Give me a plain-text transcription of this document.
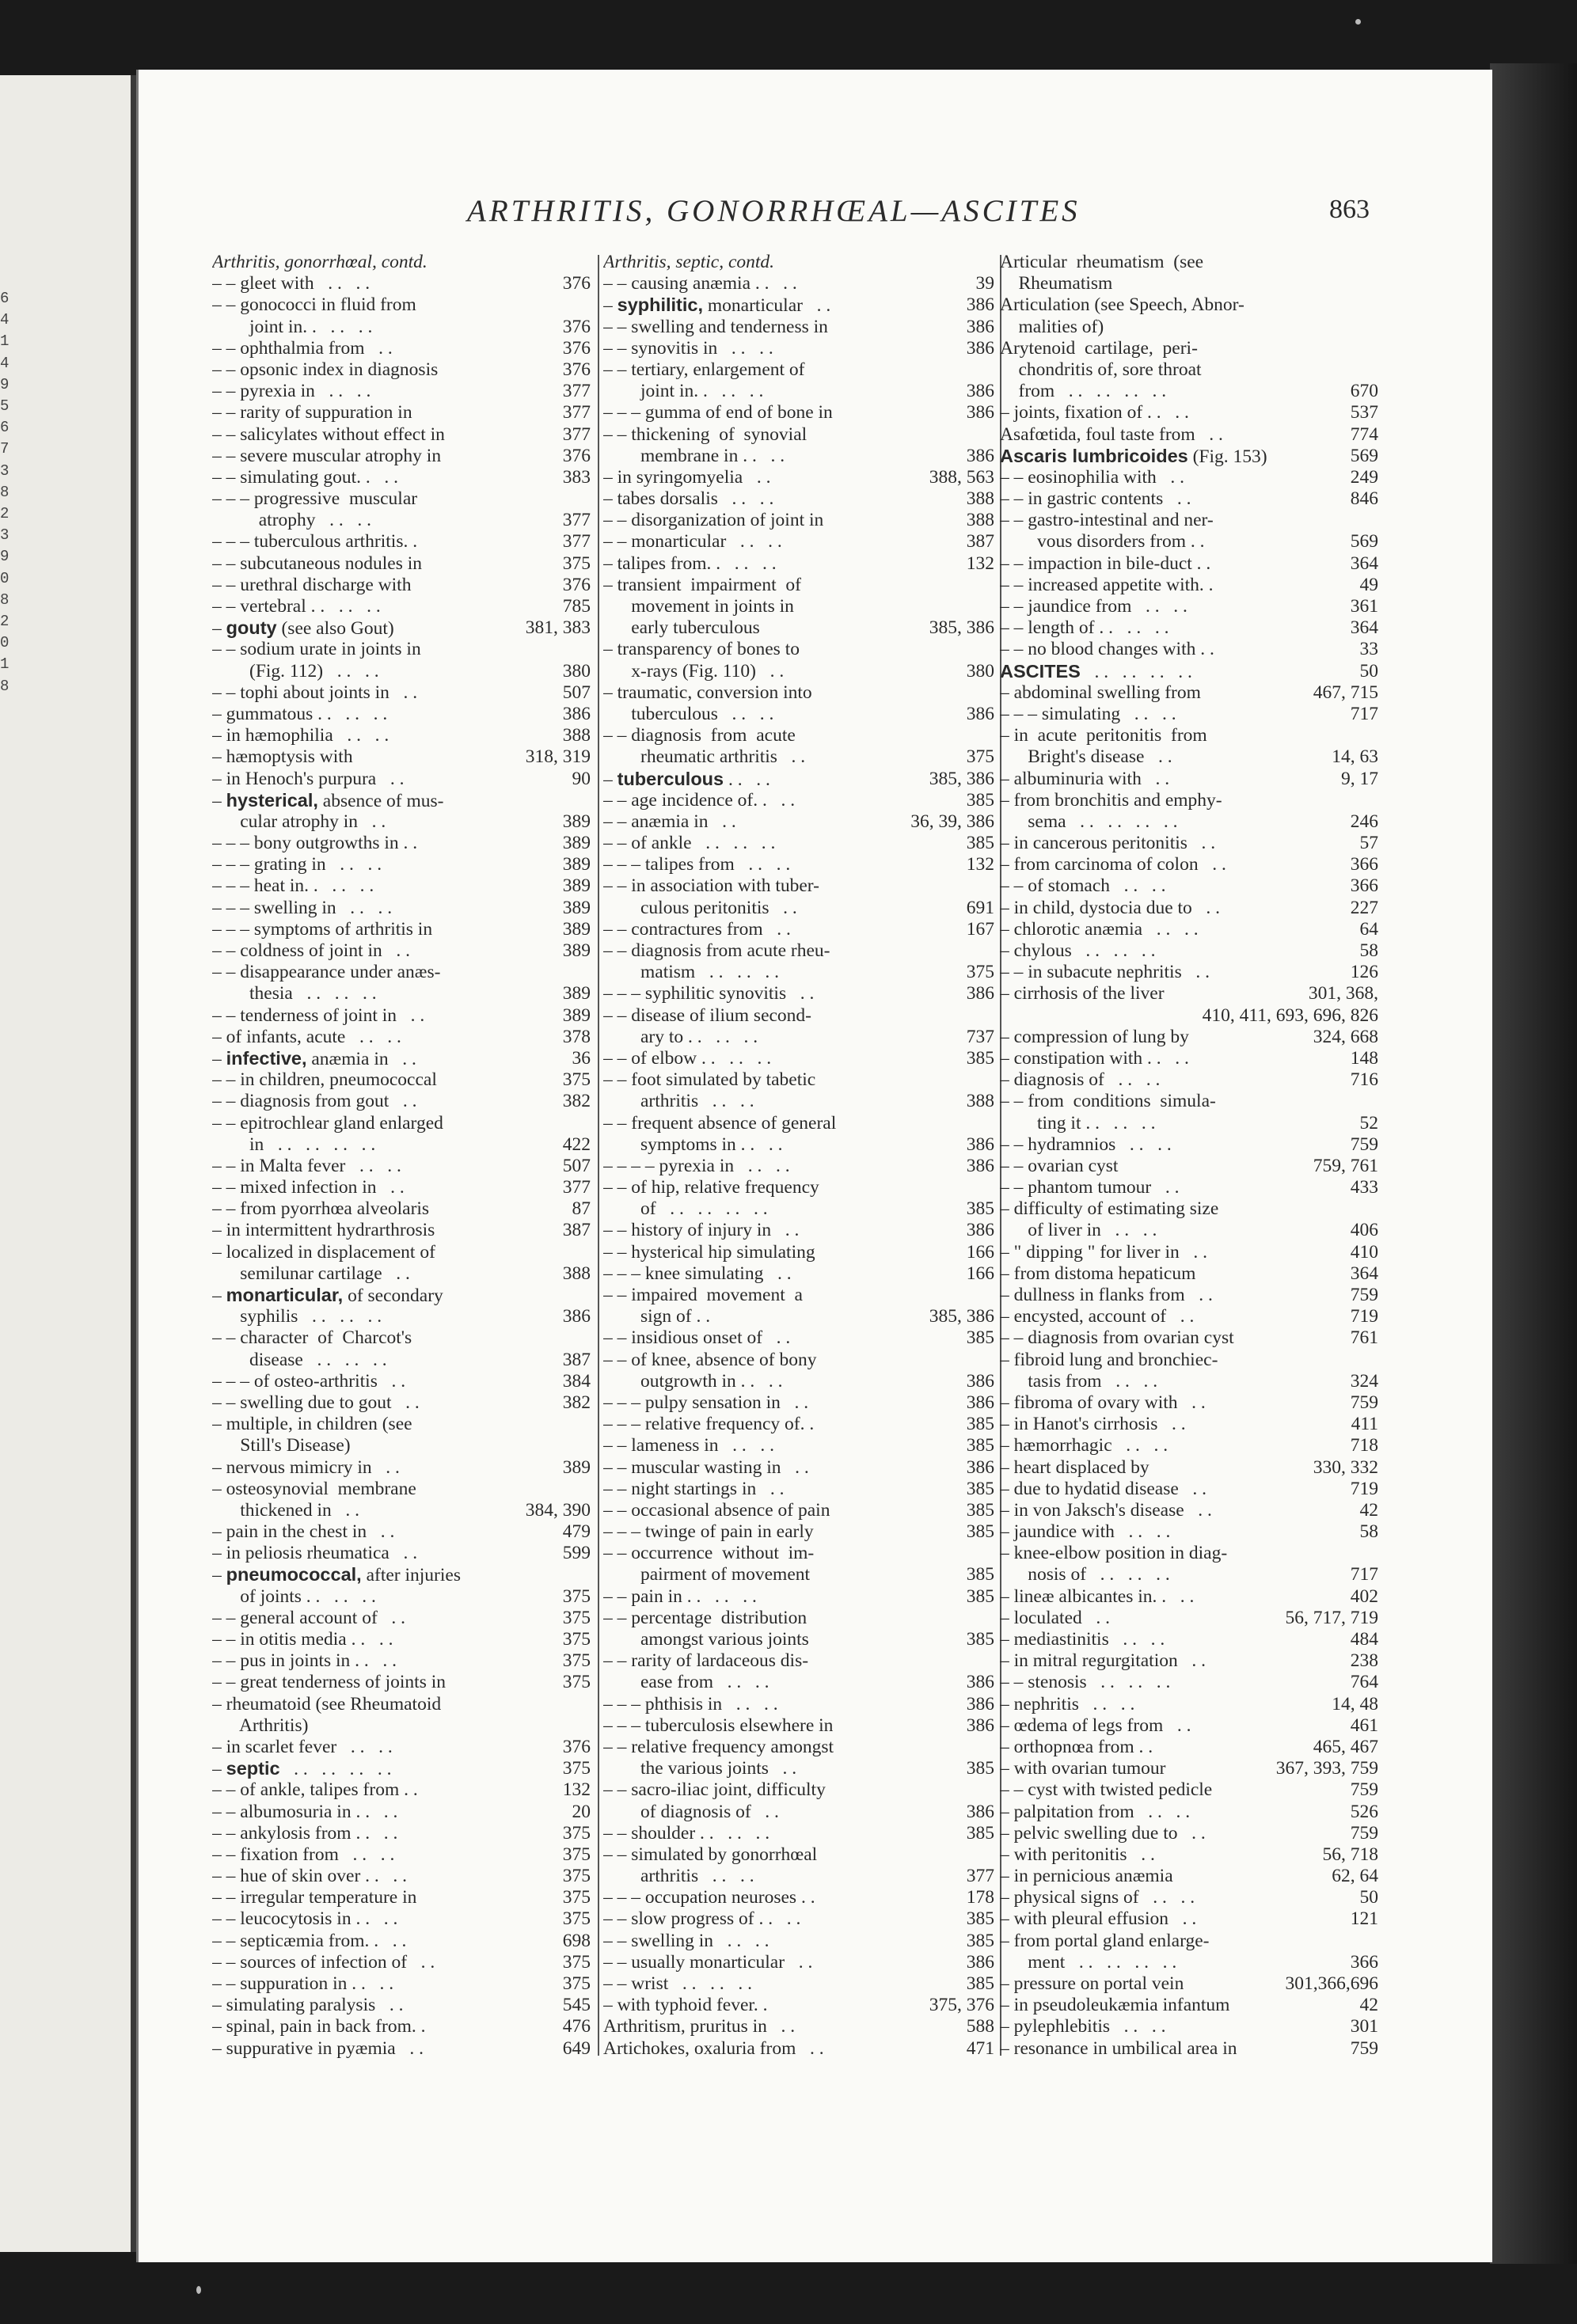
6
4
1
4
9
5
6
7
3
8
2
3
9
0
8
2
0
1
8
ARTHRITIS, GONORRHŒAL—ASCITES	863
Arthritis, gonorrhœal, contd.
– – gleet with   . .   . .	376
– – gonococci in fluid from
joint in. .   . .   . .	376
– – ophthalmia from   . .	376
– – opsonic index in diagnosis	376
– – pyrexia in   . .   . .	377
– – rarity of suppuration in	377
– – salicylates without effect in	377
– – severe muscular atrophy in	376
– – simulating gout. .   . .	383
– – – progressive  muscular
atrophy   . .   . .	377
– – – tuberculous arthritis. .	377
– – subcutaneous nodules in	375
– – urethral discharge with	376
– – vertebral . .   . .   . .	785
– gouty (see also Gout)	381, 383
– – sodium urate in joints in
(Fig. 112)   . .   . .	380
– – tophi about joints in   . .	507
– gummatous . .   . .   . .	386
– in hæmophilia   . .   . .	388
– hæmoptysis with	318, 319
– in Henoch's purpura   . .	90
– hysterical, absence of mus-
cular atrophy in   . .	389
– – – bony outgrowths in . .	389
– – – grating in   . .   . .	389
– – – heat in. .   . .   . .	389
– – – swelling in   . .   . .	389
– – – symptoms of arthritis in	389
– – coldness of joint in   . .	389
– – disappearance under anæs-
thesia   . .   . .   . .	389
– – tenderness of joint in   . .	389
– of infants, acute   . .   . .	378
– infective, anæmia in   . .	36
– – in children, pneumococcal	375
– – diagnosis from gout   . .	382
– – epitrochlear gland enlarged
in   . .   . .   . .   . .	422
– – in Malta fever   . .   . .	507
– – mixed infection in   . .	377
– – from pyorrhœa alveolaris	87
– in intermittent hydrarthrosis	387
– localized in displacement of
semilunar cartilage   . .	388
– monarticular, of secondary
syphilis   . .   . .   . .	386
– – character  of  Charcot's
disease   . .   . .   . .	387
– – – of osteo-arthritis   . .	384
– – swelling due to gout   . .	382
– multiple, in children (see
Still's Disease)
– nervous mimicry in   . .	389
– osteosynovial  membrane
thickened in   . .	384, 390
– pain in the chest in   . .	479
– in peliosis rheumatica   . .	599
– pneumococcal, after injuries
of joints . .   . .   . .	375
– – general account of   . .	375
– – in otitis media . .   . .	375
– – pus in joints in . .   . .	375
– – great tenderness of joints in	375
– rheumatoid (see Rheumatoid
Arthritis)
– in scarlet fever   . .   . .	376
– septic   . .   . .   . .   . .	375
– – of ankle, talipes from . .	132
– – albumosuria in . .   . .	20
– – ankylosis from . .   . .	375
– – fixation from   . .   . .	375
– – hue of skin over . .   . .	375
– – irregular temperature in	375
– – leucocytosis in . .   . .	375
– – septicæmia from. .   . .	698
– – sources of infection of   . .	375
– – suppuration in . .   . .	375
– simulating paralysis   . .	545
– spinal, pain in back from. .	476
– suppurative in pyæmia   . .	649
Arthritis, septic, contd.
– – causing anæmia . .   . .	39
– syphilitic, monarticular   . .	386
– – swelling and tenderness in	386
– – synovitis in   . .   . .	386
– – tertiary, enlargement of
joint in. .   . .   . .	386
– – – gumma of end of bone in	386
– – thickening  of  synovial
membrane in . .   . .	386
– in syringomyelia   . .	388, 563
– tabes dorsalis   . .   . .	388
– – disorganization of joint in	388
– – monarticular   . .   . .	387
– talipes from. .   . .   . .	132
– transient  impairment  of
movement in joints in
early tuberculous	385, 386
– transparency of bones to
x-rays (Fig. 110)   . .	380
– traumatic, conversion into
tuberculous   . .   . .	386
– – diagnosis  from  acute
rheumatic arthritis   . .	375
– tuberculous . .   . .	385, 386
– – age incidence of. .   . .	385
– – anæmia in   . .	36, 39, 386
– – of ankle   . .   . .   . .	385
– – – talipes from   . .   . .	132
– – in association with tuber-
culous peritonitis   . .	691
– – contractures from   . .	167
– – diagnosis from acute rheu-
matism   . .   . .   . .	375
– – – syphilitic synovitis   . .	386
– – disease of ilium second-
ary to . .   . .   . .	737
– – of elbow . .   . .   . .	385
– – foot simulated by tabetic
arthritis   . .   . .	388
– – frequent absence of general
symptoms in . .   . .	386
– – – – pyrexia in   . .   . .	386
– – of hip, relative frequency
of   . .   . .   . .   . .	385
– – history of injury in   . .	386
– – hysterical hip simulating	166
– – – knee simulating   . .	166
– – impaired  movement  a
sign of . .	385, 386
– – insidious onset of   . .	385
– – of knee, absence of bony
outgrowth in . .   . .	386
– – – pulpy sensation in   . .	386
– – – relative frequency of. .	385
– – lameness in   . .   . .	385
– – muscular wasting in   . .	386
– – night startings in   . .	385
– – occasional absence of pain	385
– – – twinge of pain in early	385
– – occurrence  without  im-
pairment of movement	385
– – pain in . .   . .   . .	385
– – percentage  distribution
amongst various joints	385
– – rarity of lardaceous dis-
ease from   . .   . .	386
– – – phthisis in   . .   . .	386
– – – tuberculosis elsewhere in	386
– – relative frequency amongst
the various joints   . .	385
– – sacro-iliac joint, difficulty
of diagnosis of   . .	386
– – shoulder . .   . .   . .	385
– – simulated by gonorrhœal
arthritis   . .   . .	377
– – – occupation neuroses . .	178
– – slow progress of . .   . .	385
– – swelling in   . .   . .	385
– – usually monarticular   . .	386
– – wrist   . .   . .   . .	385
– with typhoid fever. .	375, 376
Arthritism, pruritus in   . .	588
Artichokes, oxaluria from   . .	471
Articular  rheumatism  (see
Rheumatism
Articulation (see Speech, Abnor-
malities of)
Arytenoid  cartilage,  peri-
chondritis of, sore throat
from   . .   . .   . .   . .	670
– joints, fixation of . .   . .	537
Asafœtida, foul taste from   . .	774
Ascaris lumbricoides (Fig. 153)	569
– – eosinophilia with   . .	249
– – in gastric contents   . .	846
– – gastro-intestinal and ner-
vous disorders from . .	569
– – impaction in bile-duct . .	364
– – increased appetite with. .	49
– – jaundice from   . .   . .	361
– – length of . .   . .   . .	364
– – no blood changes with . .	33
ASCITES   . .   . .   . .   . .	50
– abdominal swelling from	467, 715
– – – simulating   . .   . .	717
– in  acute  peritonitis  from
Bright's disease   . .	14, 63
– albuminuria with   . .	9, 17
– from bronchitis and emphy-
sema   . .   . .   . .   . .	246
– in cancerous peritonitis   . .	57
– from carcinoma of colon   . .	366
– – of stomach   . .   . .	366
– in child, dystocia due to   . .	227
– chlorotic anæmia   . .   . .	64
– chylous   . .   . .   . .	58
– – in subacute nephritis   . .	126
– cirrhosis of the liver	301, 368,
410, 411, 693, 696, 826
– compression of lung by	324, 668
– constipation with . .   . .	148
– diagnosis of   . .   . .	716
– – from  conditions  simula-
ting it . .   . .   . .	52
– – hydramnios   . .   . .	759
– – ovarian cyst	759, 761
– – phantom tumour   . .	433
– difficulty of estimating size
of liver in   . .   . .	406
– " dipping " for liver in   . .	410
– from distoma hepaticum	364
– dullness in flanks from   . .	759
– encysted, account of   . .	719
– – diagnosis from ovarian cyst	761
– fibroid lung and bronchiec-
tasis from   . .   . .	324
– fibroma of ovary with   . .	759
– in Hanot's cirrhosis   . .	411
– hæmorrhagic   . .   . .	718
– heart displaced by	330, 332
– due to hydatid disease   . .	719
– in von Jaksch's disease   . .	42
– jaundice with   . .   . .	58
– knee-elbow position in diag-
nosis of   . .   . .   . .	717
– lineæ albicantes in. .   . .	402
– loculated   . .	56, 717, 719
– mediastinitis   . .   . .	484
– in mitral regurgitation   . .	238
– – stenosis   . .   . .   . .	764
– nephritis   . .   . .	14, 48
– œdema of legs from   . .	461
– orthopnœa from . .	465, 467
– with ovarian tumour	367, 393, 759
– – cyst with twisted pedicle	759
– palpitation from   . .   . .	526
– pelvic swelling due to   . .	759
– with peritonitis   . .	56, 718
– in pernicious anæmia	62, 64
– physical signs of   . .   . .	50
– with pleural effusion   . .	121
– from portal gland enlarge-
ment   . .   . .   . .   . .	366
– pressure on portal vein	301,366,696
– in pseudoleukæmia infantum	42
– pylephlebitis   . .   . .	301
– resonance in umbilical area in	759
